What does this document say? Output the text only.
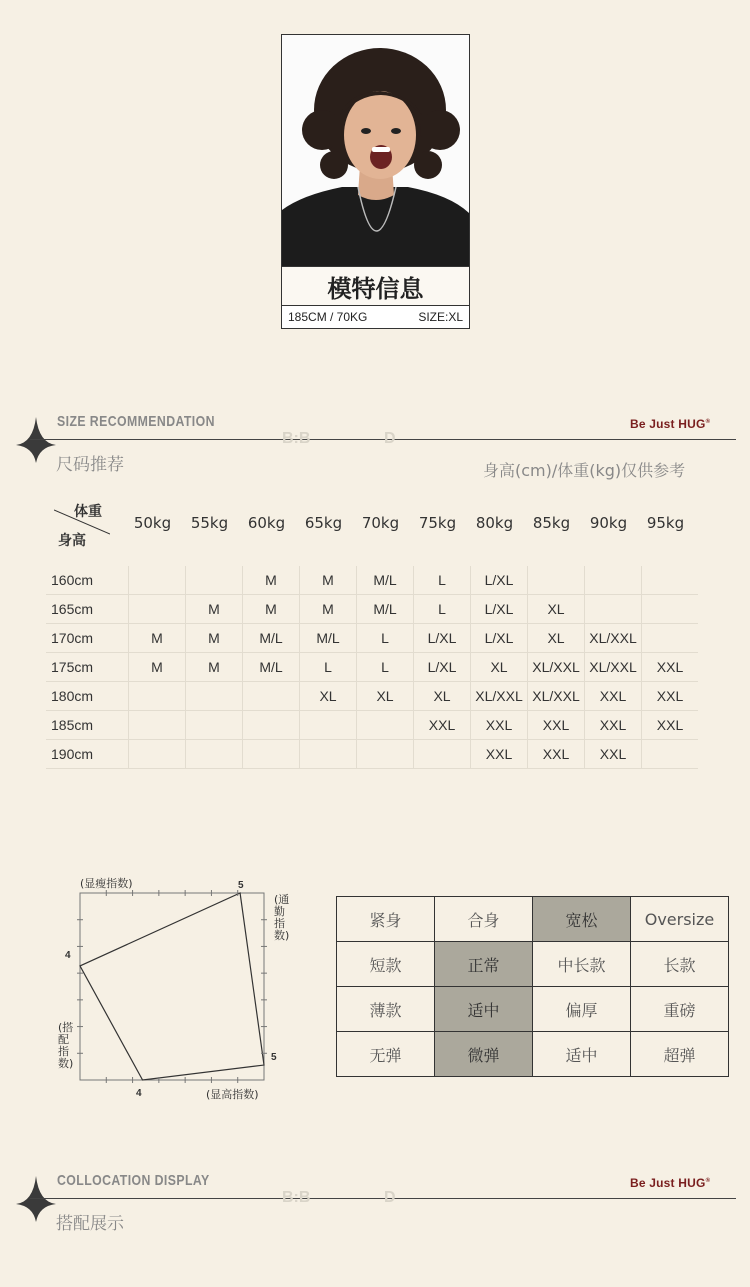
模特信息
185CM / 70KG	SIZE:XL
SIZE RECOMMENDATION
B:B	D
Be Just HUG®
尺码推荐	身高(cm)/体重(kg)仅供参考
体重
身高
50kg	55kg	60kg	65kg	70kg	75kg	80kg	85kg	90kg	95kg
160cm			M	M	M/L	L	L/XL			
165cm		M	M	M	M/L	L	L/XL	XL		
170cm	M	M	M/L	M/L	L	L/XL	L/XL	XL	XL/XXL	
175cm	M	M	M/L	L	L	L/XL	XL	XL/XXL	XL/XXL	XXL
180cm				XL	XL	XL	XL/XXL	XL/XXL	XXL	XXL
185cm						XXL	XXL	XXL	XXL	XXL
190cm							XXL	XXL	XXL	
(显瘦指数)	5
4
5
4	(显高指数)
(通勤指数)
(搭配指数)
紧身	合身	宽松	Oversize
短款	正常	中长款	长款
薄款	适中	偏厚	重磅
无弹	微弹	适中	超弹
COLLOCATION DISPLAY
B:B	D
Be Just HUG®
搭配展示
